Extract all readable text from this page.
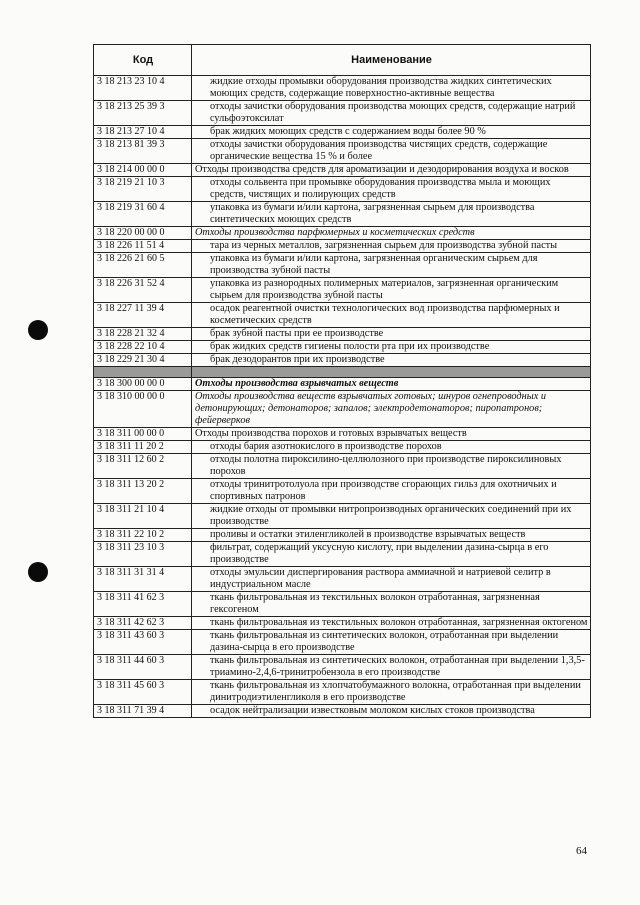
Код	Наименование
3 18 213 23 10 4	жидкие отходы промывки оборудования производства жидких синтетических моющих средств, содержащие поверхностно-активные вещества
3 18 213 25 39 3	отходы зачистки оборудования производства моющих средств, содержащие натрий сульфоэтоксилат
3 18 213 27 10 4	брак жидких моющих средств с содержанием воды более 90 %
3 18 213 81 39 3	отходы зачистки оборудования производства чистящих средств, содержащие органические вещества 15 % и более
3 18 214 00 00 0	Отходы производства средств для ароматизации и дезодорирования воздуха и восков
3 18 219 21 10 3	отходы сольвента при промывке оборудования производства мыла и моющих средств, чистящих и полирующих средств
3 18 219 31 60 4	упаковка из бумаги и/или картона, загрязненная сырьем для производства синтетических моющих средств
3 18 220 00 00 0	Отходы производства парфюмерных и косметических средств
3 18 226 11 51 4	тара из черных металлов, загрязненная сырьем для производства зубной пасты
3 18 226 21 60 5	упаковка из бумаги и/или картона, загрязненная органическим сырьем для производства зубной пасты
3 18 226 31 52 4	упаковка из разнородных полимерных материалов, загрязненная органическим сырьем для производства зубной пасты
3 18 227 11 39 4	осадок реагентной очистки технологических вод производства парфюмерных и косметических средств
3 18 228 21 32 4	брак зубной пасты при ее производстве
3 18 228 22 10 4	брак жидких средств гигиены полости рта при их производстве
3 18 229 21 30 4	брак дезодорантов при их производстве

3 18 300 00 00 0	Отходы производства взрывчатых веществ
3 18 310 00 00 0	Отходы производства веществ взрывчатых готовых; шнуров огнепроводных и детонирующих; детонаторов; запалов; электродетонаторов; пиропатронов; фейерверков
3 18 311 00 00 0	Отходы производства порохов и готовых взрывчатых веществ
3 18 311 11 20 2	отходы бария азотнокислого в производстве порохов
3 18 311 12 60 2	отходы полотна пироксилино-целлюлозного при производстве пироксилиновых порохов
3 18 311 13 20 2	отходы тринитротолуола при производстве сгорающих гильз для охотничьих и спортивных патронов
3 18 311 21 10 4	жидкие отходы от промывки нитропроизводных органических соединений при их производстве
3 18 311 22 10 2	проливы и остатки этиленгликолей в производстве взрывчатых веществ
3 18 311 23 10 3	фильтрат, содержащий уксусную кислоту, при выделении дазина-сырца в его производстве
3 18 311 31 31 4	отходы эмульсии диспергирования раствора аммиачной и натриевой селитр в индустриальном масле
3 18 311 41 62 3	ткань фильтровальная из текстильных волокон отработанная, загрязненная гексогеном
3 18 311 42 62 3	ткань фильтровальная из текстильных волокон отработанная, загрязненная октогеном
3 18 311 43 60 3	ткань фильтровальная из синтетических волокон, отработанная при выделении дазина-сырца в его производстве
3 18 311 44 60 3	ткань фильтровальная из синтетических волокон, отработанная при выделении 1,3,5-триамино-2,4,6-тринитробензола в его производстве
3 18 311 45 60 3	ткань фильтровальная из хлопчатобумажного волокна, отработанная при выделении динитродиэтиленгликоля в его производстве
3 18 311 71 39 4	осадок нейтрализации известковым молоком кислых стоков производства
64
